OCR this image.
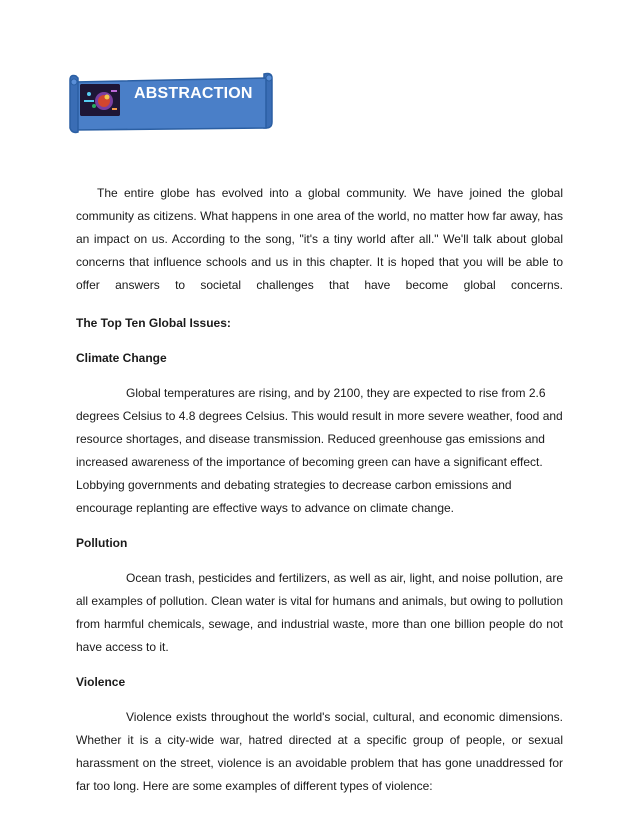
ABSTRACTION

The entire globe has evolved into a global community. We have joined the global community as citizens. What happens in one area of the world, no matter how far away, has an impact on us. According to the song, "it's a tiny world after all." We'll talk about global concerns that influence schools and us in this chapter. It is hoped that you will be able to offer answers to societal challenges that have become global concerns.

The Top Ten Global Issues:

Climate Change

Global temperatures are rising, and by 2100, they are expected to rise from 2.6 degrees Celsius to 4.8 degrees Celsius. This would result in more severe weather, food and resource shortages, and disease transmission. Reduced greenhouse gas emissions and increased awareness of the importance of becoming green can have a significant effect. Lobbying governments and debating strategies to decrease carbon emissions and encourage replanting are effective ways to advance on climate change.

Pollution

Ocean trash, pesticides and fertilizers, as well as air, light, and noise pollution, are all examples of pollution. Clean water is vital for humans and animals, but owing to pollution from harmful chemicals, sewage, and industrial waste, more than one billion people do not have access to it.

Violence

Violence exists throughout the world's social, cultural, and economic dimensions. Whether it is a city-wide war, hatred directed at a specific group of people, or sexual harassment on the street, violence is an avoidable problem that has gone unaddressed for far too long. Here are some examples of different types of violence:
